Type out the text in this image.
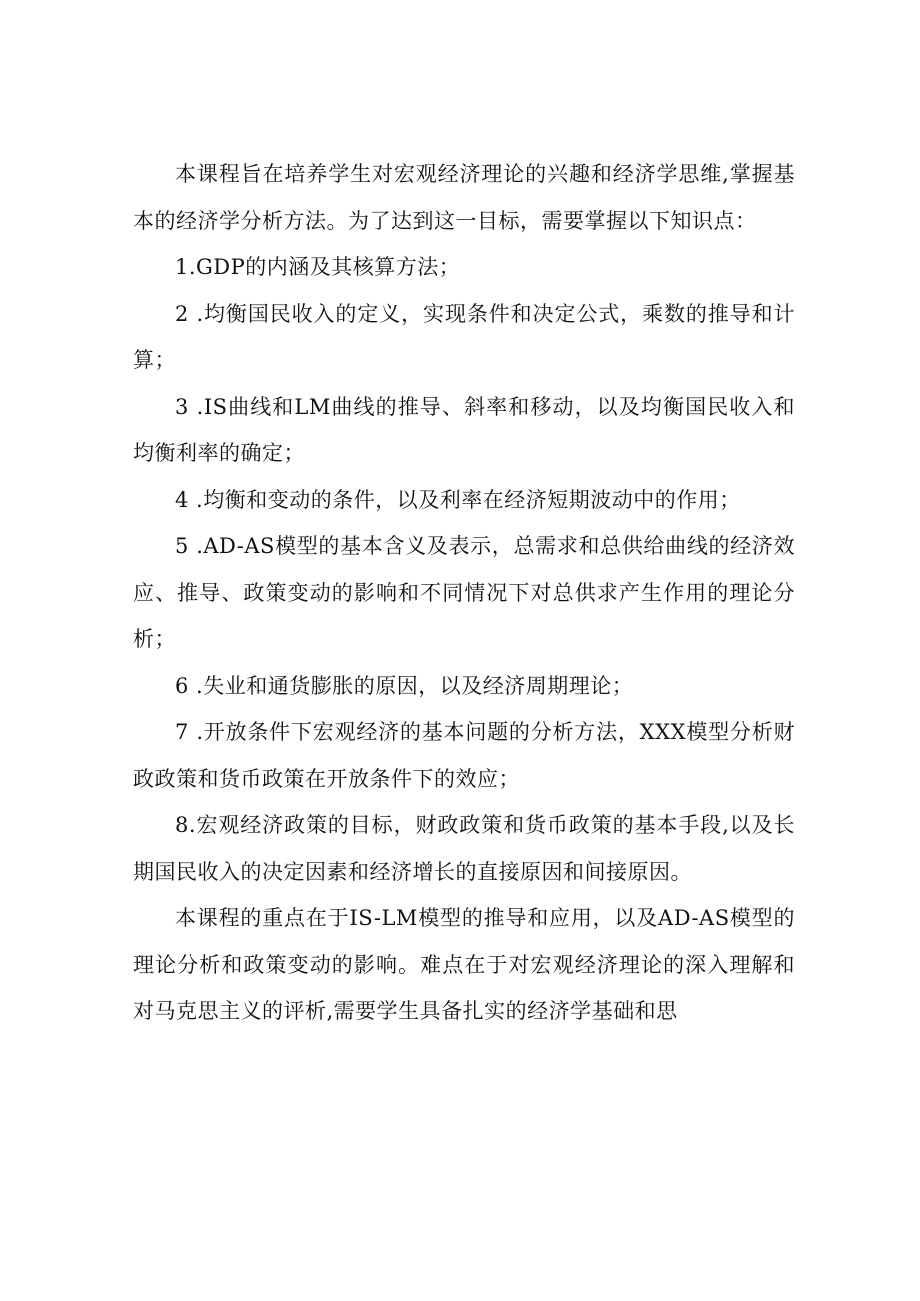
本课程旨在培养学生对宏观经济理论的兴趣和经济学思维,掌握基本的经济学分析方法。为了达到这一目标，需要掌握以下知识点：

1.GDP的内涵及其核算方法；

2 .均衡国民收入的定义，实现条件和决定公式，乘数的推导和计算；

3 .IS曲线和LM曲线的推导、斜率和移动，以及均衡国民收入和均衡利率的确定；

4 .均衡和变动的条件，以及利率在经济短期波动中的作用；

5 .AD-AS模型的基本含义及表示，总需求和总供给曲线的经济效应、推导、政策变动的影响和不同情况下对总供求产生作用的理论分析；

6 .失业和通货膨胀的原因，以及经济周期理论；

7 .开放条件下宏观经济的基本问题的分析方法，XXX模型分析财政政策和货币政策在开放条件下的效应；

8.宏观经济政策的目标，财政政策和货币政策的基本手段,以及长期国民收入的决定因素和经济增长的直接原因和间接原因。

本课程的重点在于IS-LM模型的推导和应用，以及AD-AS模型的理论分析和政策变动的影响。难点在于对宏观经济理论的深入理解和对马克思主义的评析,需要学生具备扎实的经济学基础和思
